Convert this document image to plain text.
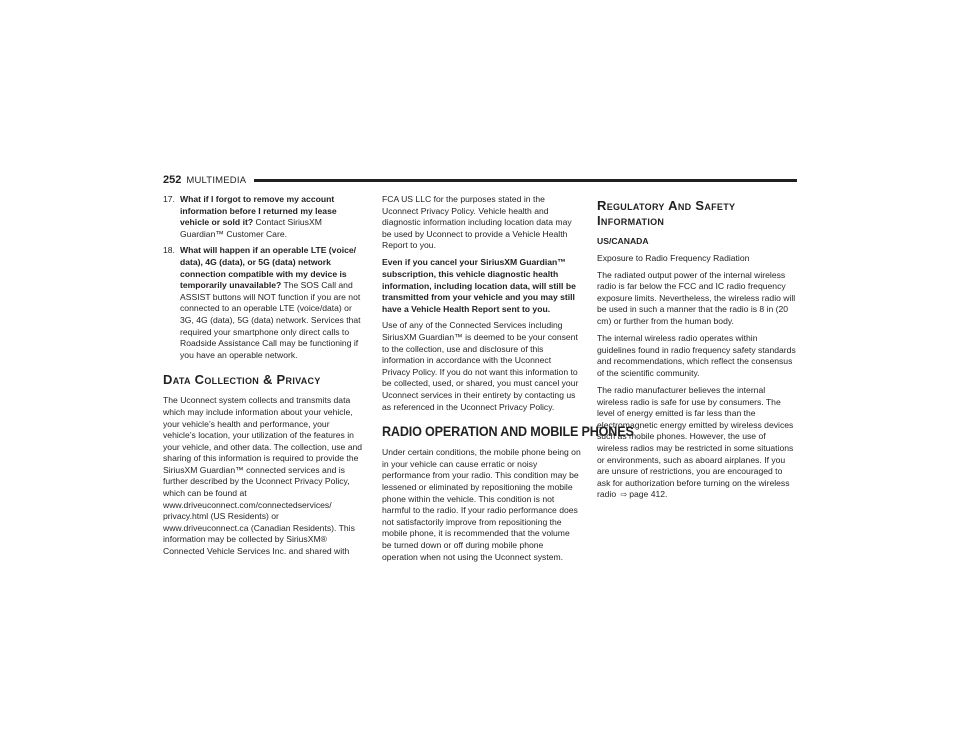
252 MULTIMEDIA
17. What if I forgot to remove my account information before I returned my lease vehicle or sold it? Contact SiriusXM Guardian™ Customer Care.
18. What will happen if an operable LTE (voice/ data), 4G (data), or 5G (data) network connection compatible with my device is temporarily unavailable? The SOS Call and ASSIST buttons will NOT function if you are not connected to an operable LTE (voice/data) or 3G, 4G (data), 5G (data) network. Services that required your smartphone only direct calls to Roadside Assistance Call may be functioning if you have an operable network.
Data Collection & Privacy

The Uconnect system collects and transmits data which may include information about your vehicle, your vehicle’s health and performance, your vehicle’s location, your utilization of the features in your vehicle, and other data. The collection, use and sharing of this information is required to provide the SiriusXM Guardian™ connected services and is further described by the Uconnect Privacy Policy, which can be found at www.driveuconnect.com/connectedservices/ privacy.html (US Residents) or www.driveuconnect.ca (Canadian Residents). This information may be collected by SiriusXM® Connected Vehicle Services Inc. and shared with

FCA US LLC for the purposes stated in the Uconnect Privacy Policy. Vehicle health and diagnostic information including location data may be used by Uconnect to provide a Vehicle Health Report to you.

Even if you cancel your SiriusXM Guardian™ subscription, this vehicle diagnostic health information, including location data, will still be transmitted from your vehicle and you may still have a Vehicle Health Report sent to you.

Use of any of the Connected Services including SiriusXM Guardian™ is deemed to be your consent to the collection, use and disclosure of this information in accordance with the Uconnect Privacy Policy. If you do not want this information to be collected, used, or shared, you must cancel your Uconnect services in their entirety by contacting us as referenced in the Uconnect Privacy Policy.

RADIO OPERATION AND MOBILE PHONES

Under certain conditions, the mobile phone being on in your vehicle can cause erratic or noisy performance from your radio. This condition may be lessened or eliminated by repositioning the mobile phone within the vehicle. This condition is not harmful to the radio. If your radio performance does not satisfactorily improve from repositioning the mobile phone, it is recommended that the volume be turned down or off during mobile phone operation when not using the Uconnect system.

Regulatory And Safety
Information

US/CANADA

Exposure to Radio Frequency Radiation

The radiated output power of the internal wireless radio is far below the FCC and IC radio frequency exposure limits. Nevertheless, the wireless radio will be used in such a manner that the radio is 8 in (20 cm) or further from the human body.

The internal wireless radio operates within guidelines found in radio frequency safety standards and recommendations, which reflect the consensus of the scientific community.

The radio manufacturer believes the internal wireless radio is safe for use by consumers. The level of energy emitted is far less than the electromagnetic energy emitted by wireless devices such as mobile phones. However, the use of wireless radios may be restricted in some situations or environments, such as aboard airplanes. If you are unsure of restrictions, you are encouraged to ask for authorization before turning on the wireless radio ⇨ page 412.
